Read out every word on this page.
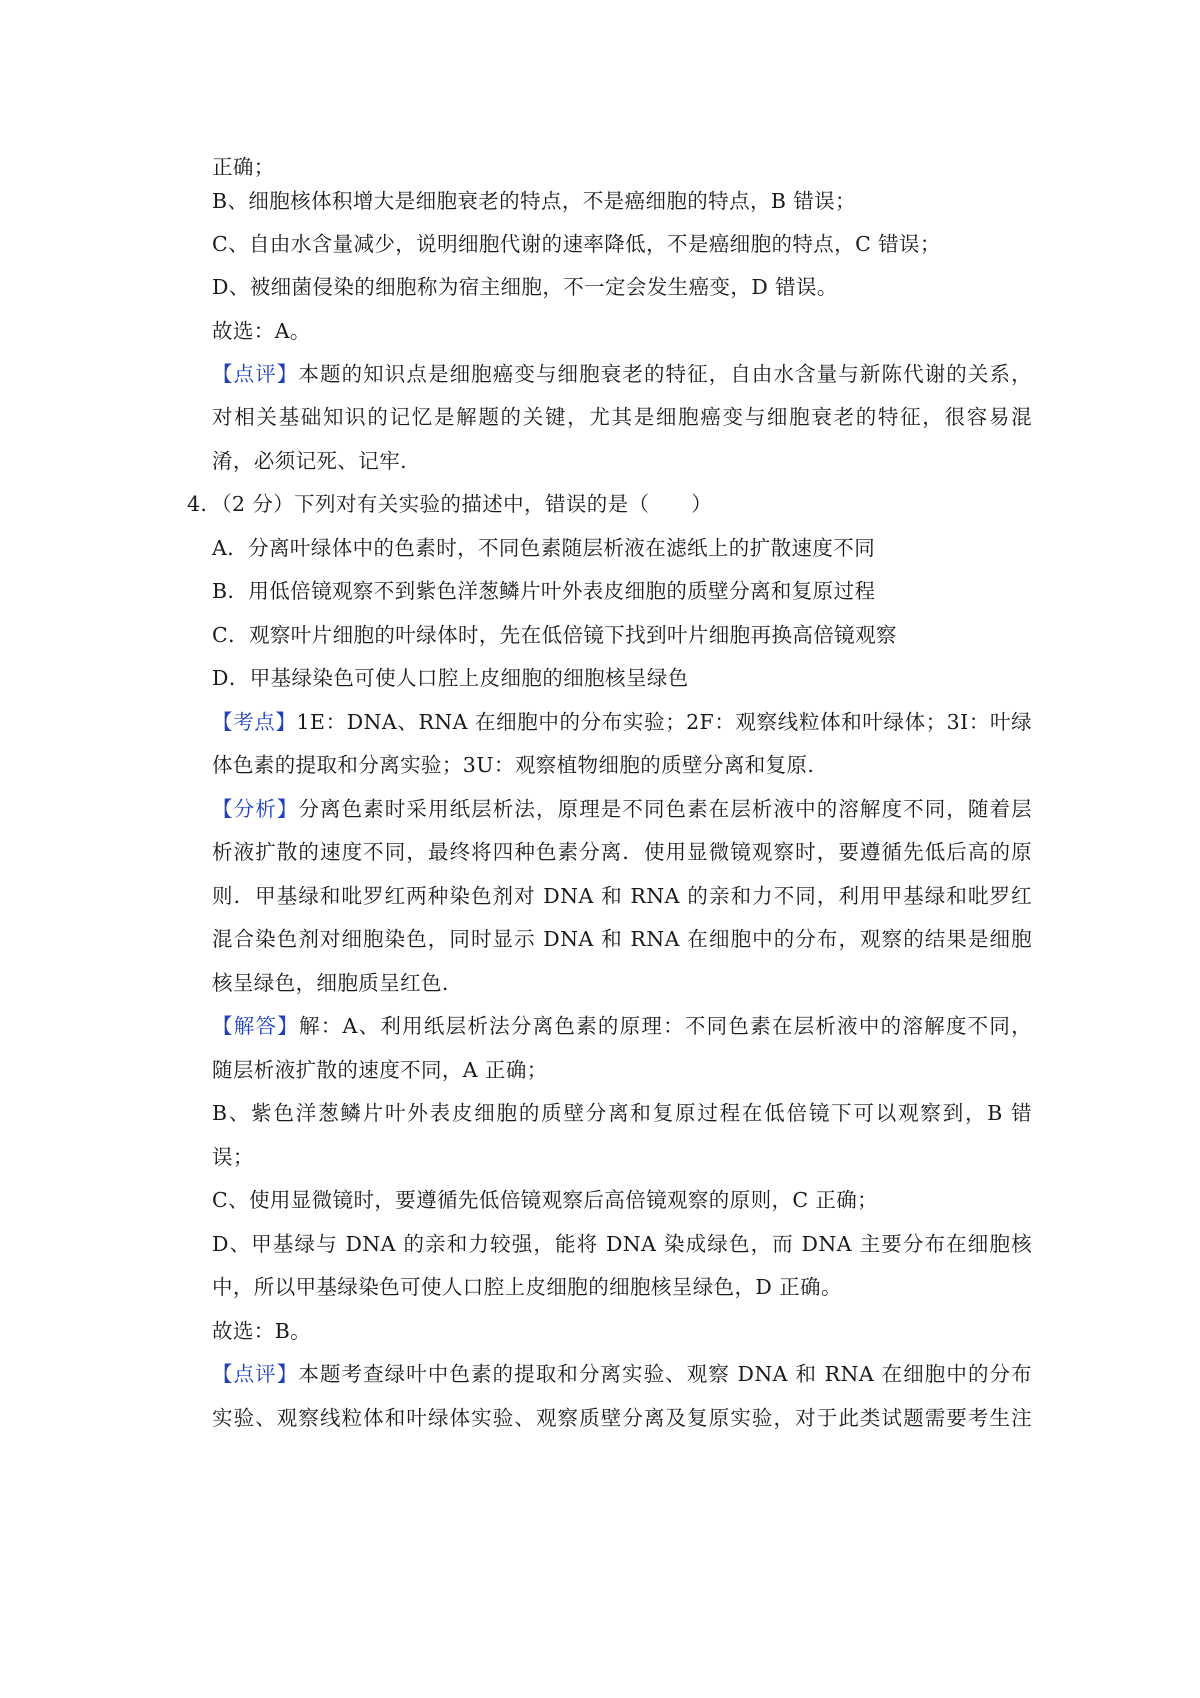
正确；
B、细胞核体积增大是细胞衰老的特点，不是癌细胞的特点，B 错误；
C、自由水含量减少，说明细胞代谢的速率降低，不是癌细胞的特点，C 错误；
D、被细菌侵染的细胞称为宿主细胞，不一定会发生癌变，D 错误。
故选：A。
【点评】本题的知识点是细胞癌变与细胞衰老的特征，自由水含量与新陈代谢的关系，
对相关基础知识的记忆是解题的关键，尤其是细胞癌变与细胞衰老的特征，很容易混
淆，必须记死、记牢.
4．（2 分）下列对有关实验的描述中，错误的是（　　）
A．分离叶绿体中的色素时，不同色素随层析液在滤纸上的扩散速度不同
B．用低倍镜观察不到紫色洋葱鳞片叶外表皮细胞的质壁分离和复原过程
C．观察叶片细胞的叶绿体时，先在低倍镜下找到叶片细胞再换高倍镜观察
D．甲基绿染色可使人口腔上皮细胞的细胞核呈绿色
【考点】1E：DNA、RNA 在细胞中的分布实验；2F：观察线粒体和叶绿体；3I：叶绿
体色素的提取和分离实验；3U：观察植物细胞的质壁分离和复原.
【分析】分离色素时采用纸层析法，原理是不同色素在层析液中的溶解度不同，随着层
析液扩散的速度不同，最终将四种色素分离．使用显微镜观察时，要遵循先低后高的原
则．甲基绿和吡罗红两种染色剂对 DNA 和 RNA 的亲和力不同，利用甲基绿和吡罗红
混合染色剂对细胞染色，同时显示 DNA 和 RNA 在细胞中的分布，观察的结果是细胞
核呈绿色，细胞质呈红色.
【解答】解：A、利用纸层析法分离色素的原理：不同色素在层析液中的溶解度不同，
随层析液扩散的速度不同，A 正确；
B、紫色洋葱鳞片叶外表皮细胞的质壁分离和复原过程在低倍镜下可以观察到，B 错
误；
C、使用显微镜时，要遵循先低倍镜观察后高倍镜观察的原则，C 正确；
D、甲基绿与 DNA 的亲和力较强，能将 DNA 染成绿色，而 DNA 主要分布在细胞核
中，所以甲基绿染色可使人口腔上皮细胞的细胞核呈绿色，D 正确。
故选：B。
【点评】本题考查绿叶中色素的提取和分离实验、观察 DNA 和 RNA 在细胞中的分布
实验、观察线粒体和叶绿体实验、观察质壁分离及复原实验，对于此类试题需要考生注
